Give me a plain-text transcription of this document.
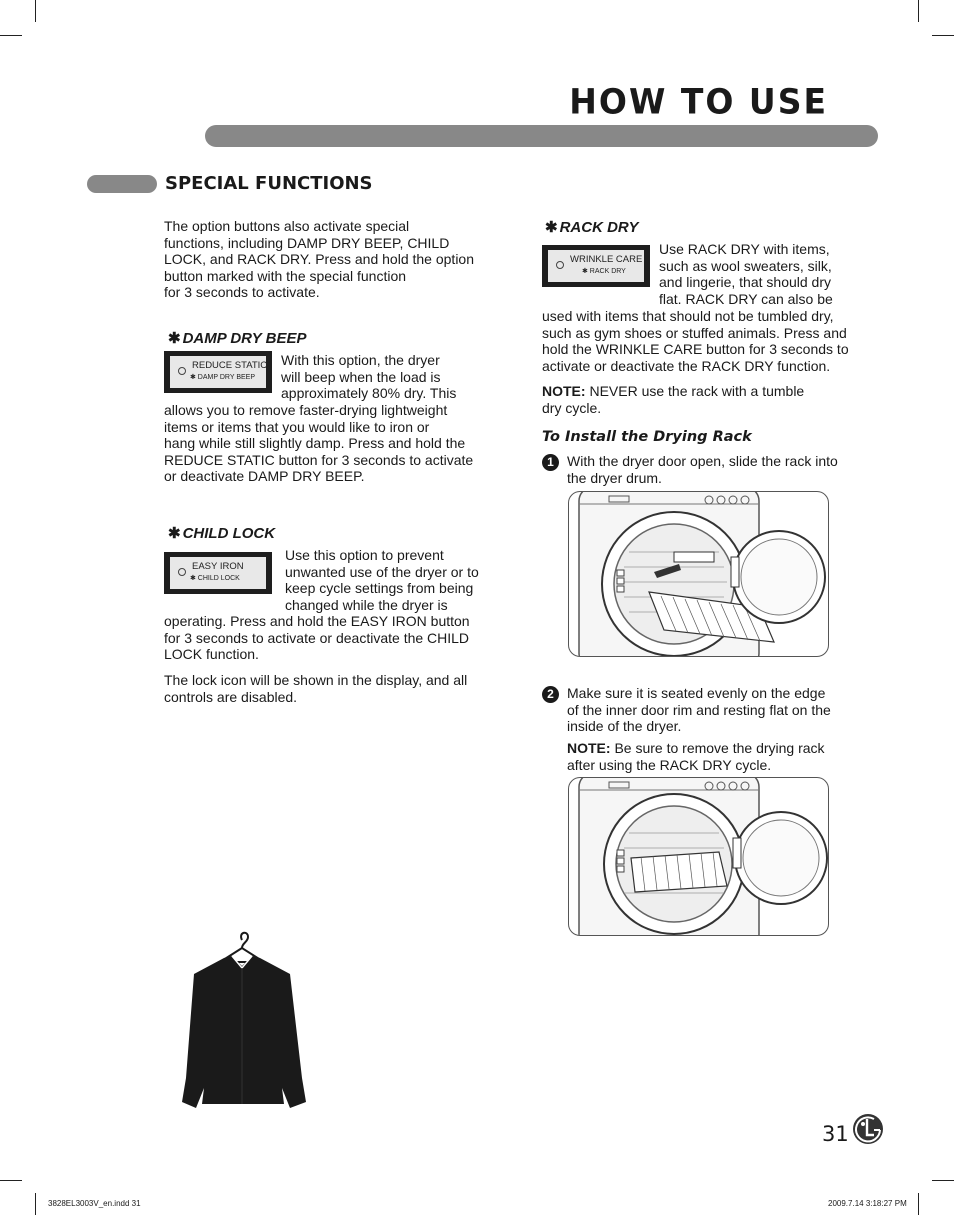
HOW TO USE
SPECIAL FUNCTIONS
The option buttons also activate special
functions, including DAMP DRY BEEP, CHILD
LOCK, and RACK DRY. Press and hold the option
button marked with the special function
for 3 seconds to activate.
✱ DAMP DRY BEEP
REDUCE STATIC
✱ DAMP DRY BEEP
With this option, the dryer
will beep when the load is
approximately 80% dry. This
allows you to remove faster-drying lightweight
items or items that you would like to iron or
hang while still slightly damp. Press and hold the
REDUCE STATIC button for 3 seconds to activate
or deactivate DAMP DRY BEEP.
✱ CHILD LOCK
EASY IRON
✱ CHILD LOCK
Use this option to prevent
unwanted use of the dryer or to
keep cycle settings from being
changed while the dryer is
operating. Press and hold the EASY IRON button
for 3 seconds to activate or deactivate the CHILD
LOCK function.
The lock icon will be shown in the display, and all
controls are disabled.
✱ RACK DRY
WRINKLE CARE
✱ RACK DRY
Use RACK DRY with items,
such as wool sweaters, silk,
and lingerie, that should dry
flat. RACK DRY can also be
used with items that should not be tumbled dry,
such as gym shoes or stuffed animals. Press and
hold the WRINKLE CARE button for 3 seconds to
activate or deactivate the RACK DRY function.
NOTE: NEVER use the rack with a tumble
dry cycle.
To Install the Drying Rack
1 With the dryer door open, slide the rack into
the dryer drum.
2 Make sure it is seated evenly on the edge
of the inner door rim and resting flat on the
inside of the dryer.
NOTE: Be sure to remove the drying rack
after using the RACK DRY cycle.
31
3828EL3003V_en.indd 31	2009.7.14 3:18:27 PM
